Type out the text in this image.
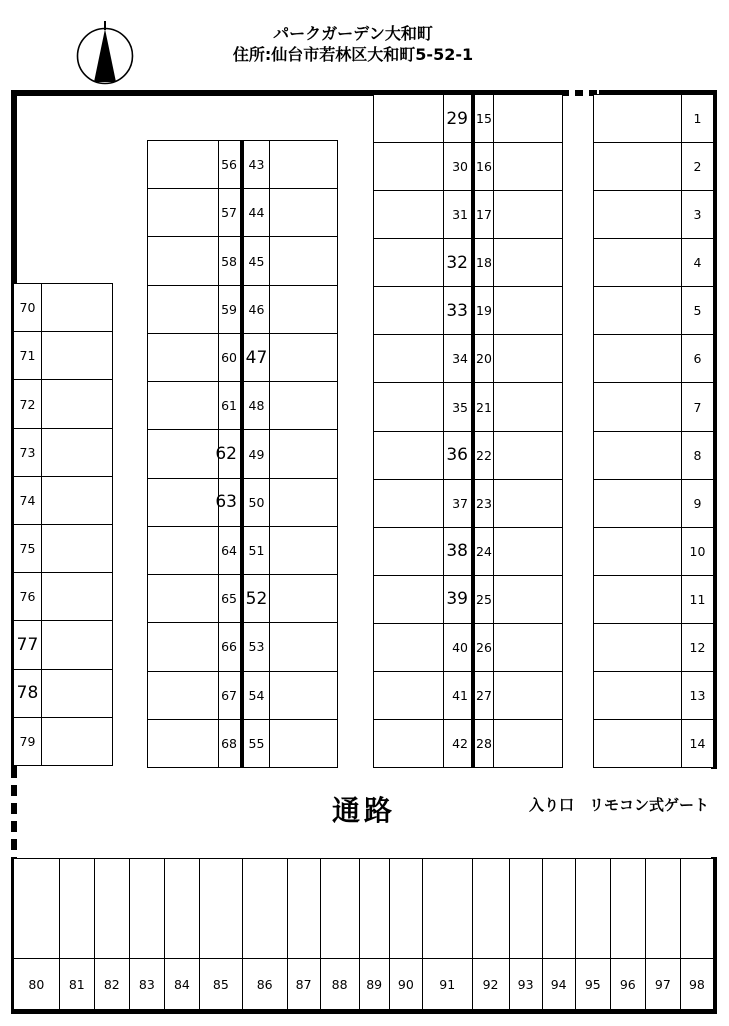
パークガーデン大和町
住所:仙台市若林区大和町5-52-1
1
2
3
4
5
6
7
8
9
10
11
12
13
14
29 15
30 16
31 17
32 18
33 19
34 20
35 21
36 22
37 23
38 24
39 25
40 26
41 27
42 28
56 43
57 44
58 45
59 46
60 47
61 48
62 49
63 50
64 51
65 52
66 53
67 54
68 55
70
71
72
73
74
75
76
77
78
79
80	81	82	83	84	85	86	87	88	89	90	91	92	93	94	95	96	97	98
通路	入り口　リモコン式ゲート
